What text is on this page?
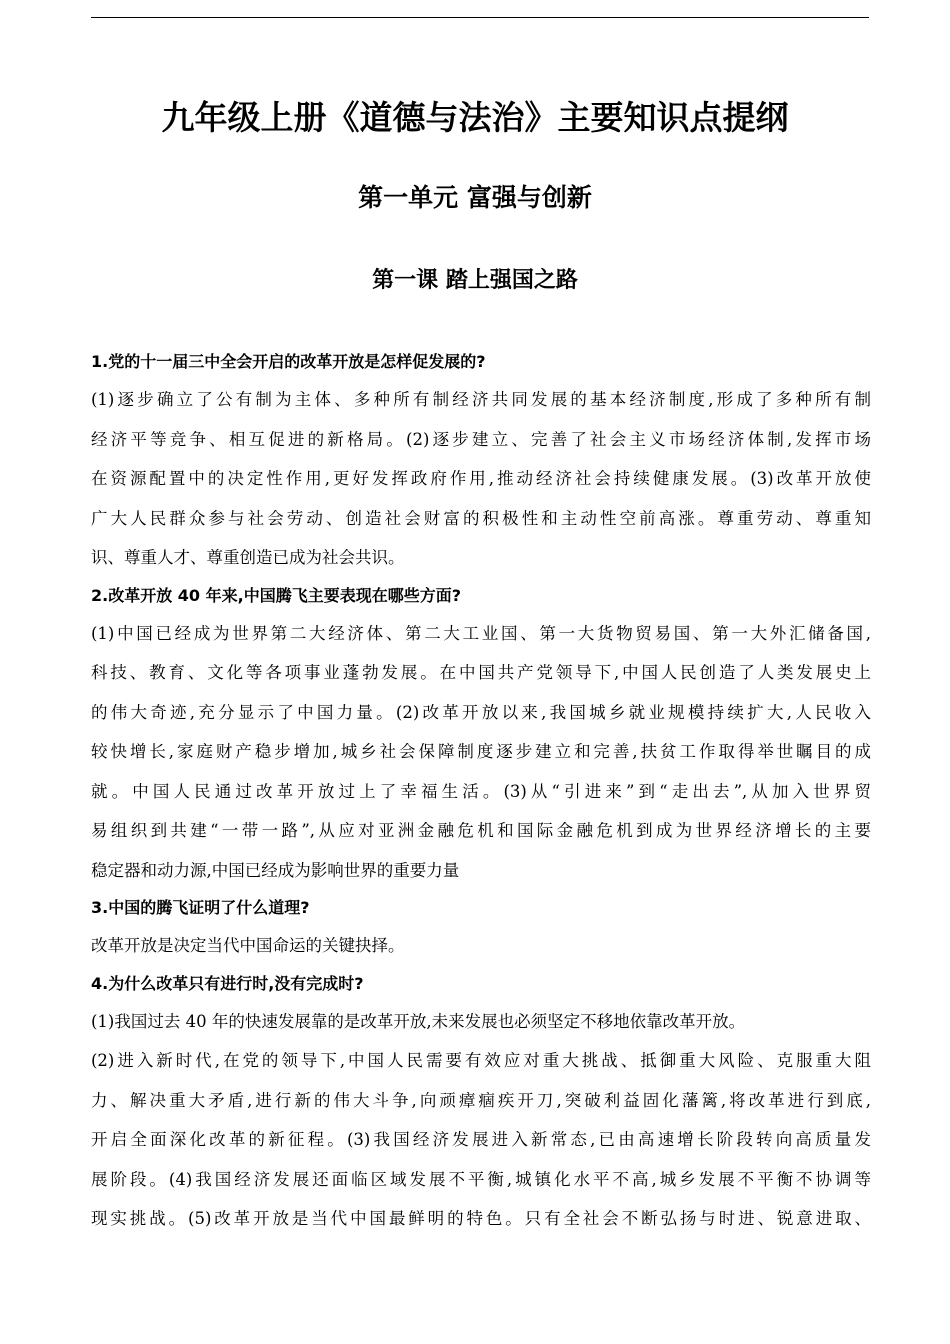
九年级上册《道德与法治》主要知识点提纲
第一单元 富强与创新
第一课 踏上强国之路
1.党的十一届三中全会开启的改革开放是怎样促发展的?
(1)逐步确立了公有制为主体、多种所有制经济共同发展的基本经济制度,形成了多种所有制
经济平等竞争、相互促进的新格局。(2)逐步建立、完善了社会主义市场经济体制,发挥市场
在资源配置中的决定性作用,更好发挥政府作用,推动经济社会持续健康发展。(3)改革开放使
广大人民群众参与社会劳动、创造社会财富的积极性和主动性空前高涨。尊重劳动、尊重知
识、尊重人才、尊重创造已成为社会共识。
2.改革开放 40 年来,中国腾飞主要表现在哪些方面?
(1)中国已经成为世界第二大经济体、第二大工业国、第一大货物贸易国、第一大外汇储备国,
科技、教育、文化等各项事业蓬勃发展。在中国共产党领导下,中国人民创造了人类发展史上
的伟大奇迹,充分显示了中国力量。(2)改革开放以来,我国城乡就业规模持续扩大,人民收入
较快增长,家庭财产稳步增加,城乡社会保障制度逐步建立和完善,扶贫工作取得举世瞩目的成
就。中国人民通过改革开放过上了幸福生活。(3)从“引进来”到“走出去”,从加入世界贸
易组织到共建“一带一路”,从应对亚洲金融危机和国际金融危机到成为世界经济增长的主要
稳定器和动力源,中国已经成为影响世界的重要力量
3.中国的腾飞证明了什么道理?
改革开放是决定当代中国命运的关键抉择。
4.为什么改革只有进行时,没有完成时?
(1)我国过去 40 年的快速发展靠的是改革开放,未来发展也必须坚定不移地依靠改革开放。
(2)进入新时代,在党的领导下,中国人民需要有效应对重大挑战、抵御重大风险、克服重大阻
力、解决重大矛盾,进行新的伟大斗争,向顽瘴痼疾开刀,突破利益固化藩篱,将改革进行到底,
开启全面深化改革的新征程。(3)我国经济发展进入新常态,已由高速增长阶段转向高质量发
展阶段。(4)我国经济发展还面临区域发展不平衡,城镇化水平不高,城乡发展不平衡不协调等
现实挑战。(5)改革开放是当代中国最鲜明的特色。只有全社会不断弘扬与时进、锐意进取、
